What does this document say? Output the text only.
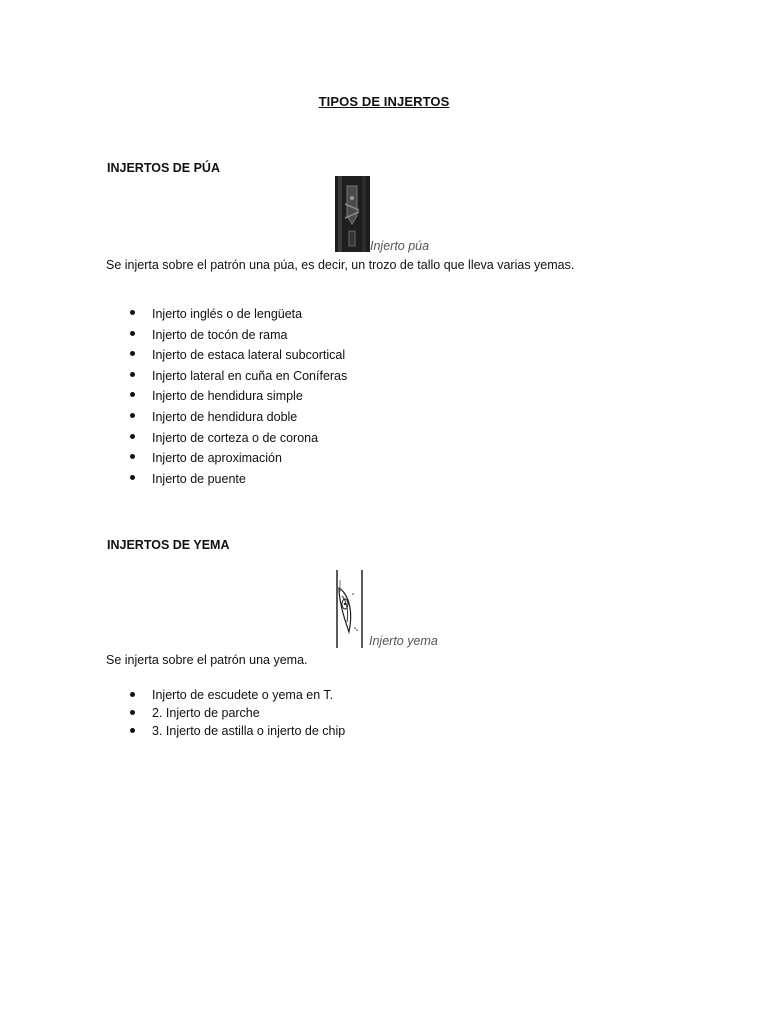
TIPOS DE INJERTOS
INJERTOS DE PÚA
Injerto púa
Se injerta sobre el patrón una púa, es decir, un trozo de tallo que lleva varias yemas.
Injerto inglés o de lengüeta
Injerto de tocón de rama
Injerto de estaca lateral subcortical
Injerto lateral en cuña en Coníferas
Injerto de hendidura simple
Injerto de hendidura doble
Injerto de corteza o de corona
Injerto de aproximación
Injerto de puente
INJERTOS DE YEMA
Injerto yema
Se injerta sobre el patrón una yema.
Injerto de escudete o yema en T.
2. Injerto de parche
3. Injerto de astilla o injerto de chip
